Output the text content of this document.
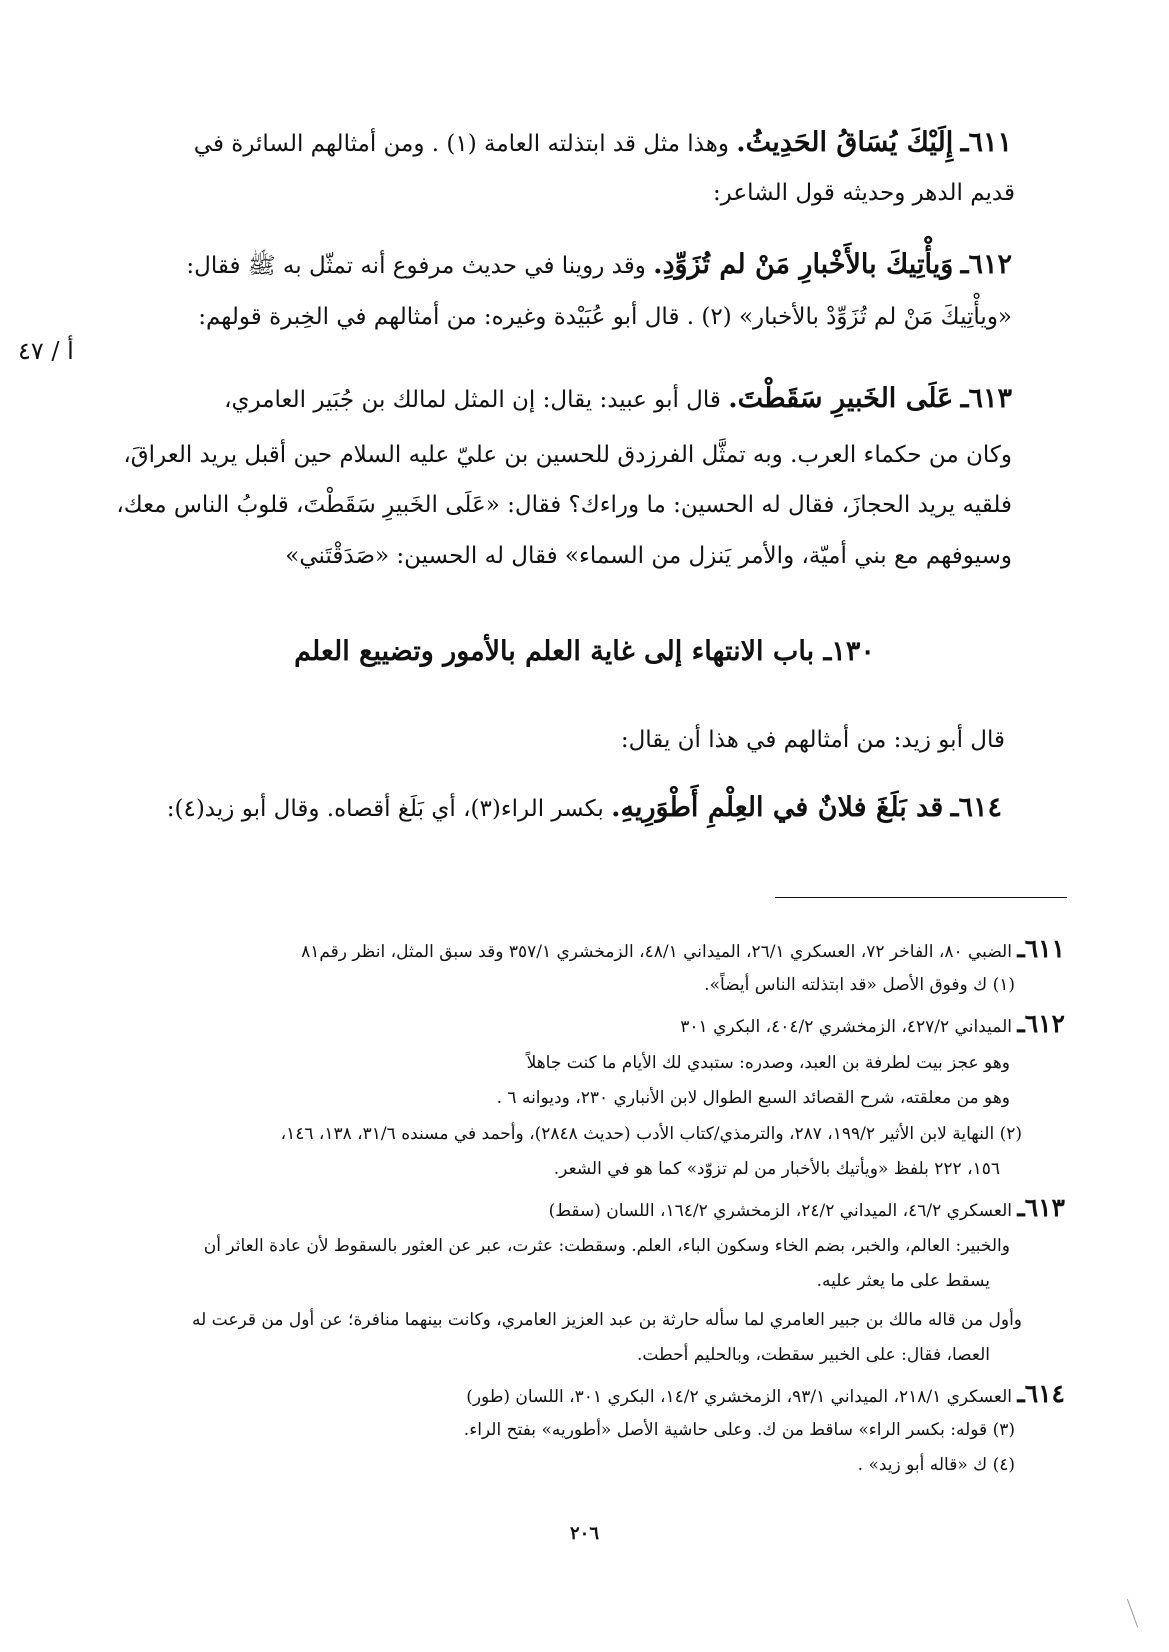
٦١١ـ إِلَيْكَ يُسَاقُ الحَدِيثُ. وهذا مثل قد ابتذلته العامة (١) . ومن أمثالهم السائرة في
قديم الدهر وحديثه قول الشاعر:
٦١٢ـ وَيأْتِيكَ بالأَخْبارِ مَنْ لم تُزَوِّدِ. وقد روينا في حديث مرفوع أنه تمثّل به ﷺ فقال:
«ويأْتِيكَ مَنْ لم تُزَوِّدْ بالأخبار» (٢) . قال أبو عُبَيْدة وغيره: من أمثالهم في الخِبرة قولهم:
أ / ٤٧
٦١٣ـ عَلَى الخَبيرِ سَقَطْتَ. قال أبو عبيد: يقال: إن المثل لمالك بن جُبَير العامري،
وكان من حكماء العرب. وبه تمثَّل الفرزدق للحسين بن عليّ عليه السلام حين أقبل يريد العراقَ،
فلقيه يريد الحجازَ، فقال له الحسين: ما وراءك؟ فقال: «عَلَى الخَبيرِ سَقَطْتَ، قلوبُ الناس معك،
وسيوفهم مع بني أميّة، والأمر يَنزل من السماء» فقال له الحسين: «صَدَقْتَني»
١٣٠ـ باب الانتهاء إلى غاية العلم بالأمور وتضييع العلم
قال أبو زيد: من أمثالهم في هذا أن يقال:
٦١٤ـ قد بَلَغَ فلانٌ في العِلْمِ أَطْوَرِيهِ. بكسر الراء(٣)، أي بَلَغ أقصاه. وقال أبو زيد(٤):
٦١١ـ الضبي ٨٠، الفاخر ٧٢، العسكري ٢٦/١، الميداني ٤٨/١، الزمخشري ٣٥٧/١ وقد سبق المثل، انظر رقم٨١
(١) ك وفوق الأصل «قد ابتذلته الناس أيضاً».
٦١٢ـ الميداني ٤٢٧/٢، الزمخشري ٤٠٤/٢، البكري ٣٠١
وهو عجز بيت لطرفة بن العبد، وصدره: ستبدي لك الأيام ما كنت جاهلاً
وهو من معلقته، شرح القصائد السبع الطوال لابن الأنباري ٢٣٠، وديوانه ٦ .
(٢) النهاية لابن الأثير ١٩٩/٢، ٢٨٧، والترمذي/كتاب الأدب (حديث ٢٨٤٨)، وأحمد في مسنده ٣١/٦، ١٣٨، ١٤٦،
١٥٦، ٢٢٢ بلفظ «ويأتيك بالأخبار من لم تزوّد» كما هو في الشعر.
٦١٣ـ العسكري ٤٦/٢، الميداني ٢٤/٢، الزمخشري ١٦٤/٢، اللسان (سقط)
والخبير: العالم، والخبر، بضم الخاء وسكون الباء، العلم. وسقطت: عثرت، عبر عن العثور بالسقوط لأن عادة العاثر أن
يسقط على ما يعثر عليه.
وأول من قاله مالك بن جبير العامري لما سأله حارثة بن عبد العزيز العامري، وكانت بينهما منافرة؛ عن أول من قرعت له
العصا، فقال: على الخبير سقطت، وبالحليم أحطت.
٦١٤ـ العسكري ٢١٨/١، الميداني ٩٣/١، الزمخشري ١٤/٢، البكري ٣٠١، اللسان (طور)
(٣) قوله: بكسر الراء» ساقط من ك. وعلى حاشية الأصل «أطوريه» بفتح الراء.
(٤) ك «قاله أبو زيد» .
٢٠٦
